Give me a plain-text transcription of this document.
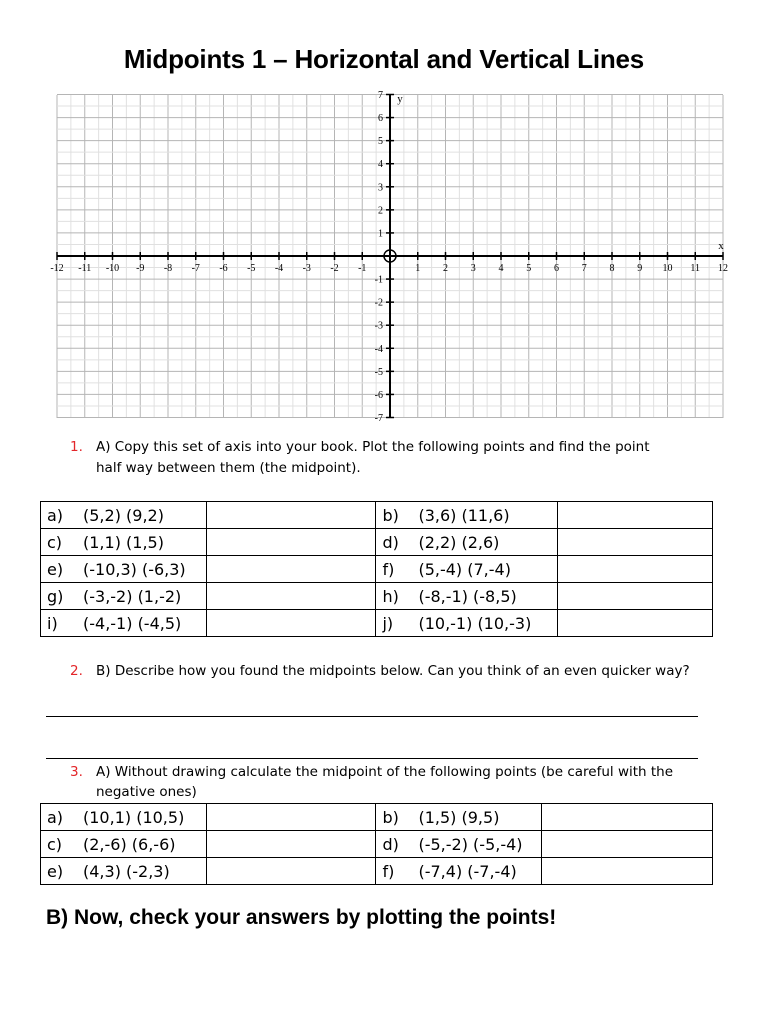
Midpoints 1 – Horizontal and Vertical Lines
-12 -11 -10 -9 -8 -7 -6 -5 -4 -3 -2 -1	1 2 3 4 5 6 7 8 9 10 11 12
7
6
5
4
3
2
1
-1
-2
-3
-4
-5
-6
-7
x
y
1. A) Copy this set of axis into your book. Plot the following points and find the point
half way between them (the midpoint).
a) (5,2) (9,2)		b) (3,6) (11,6)	
c) (1,1) (1,5)		d) (2,2) (2,6)	
e) (-10,3) (-6,3)		f) (5,-4) (7,-4)	
g) (-3,-2) (1,-2)		h) (-8,-1) (-8,5)	
i) (-4,-1) (-4,5)		j) (10,-1) (10,-3)	
2. B) Describe how you found the midpoints below. Can you think of an even quicker way?
3. A) Without drawing calculate the midpoint of the following points (be careful with the
negative ones)
a) (10,1) (10,5)		b) (1,5) (9,5)	
c) (2,-6) (6,-6)		d) (-5,-2) (-5,-4)	
e) (4,3) (-2,3)		f) (-7,4) (-7,-4)	
B) Now, check your answers by plotting the points!
